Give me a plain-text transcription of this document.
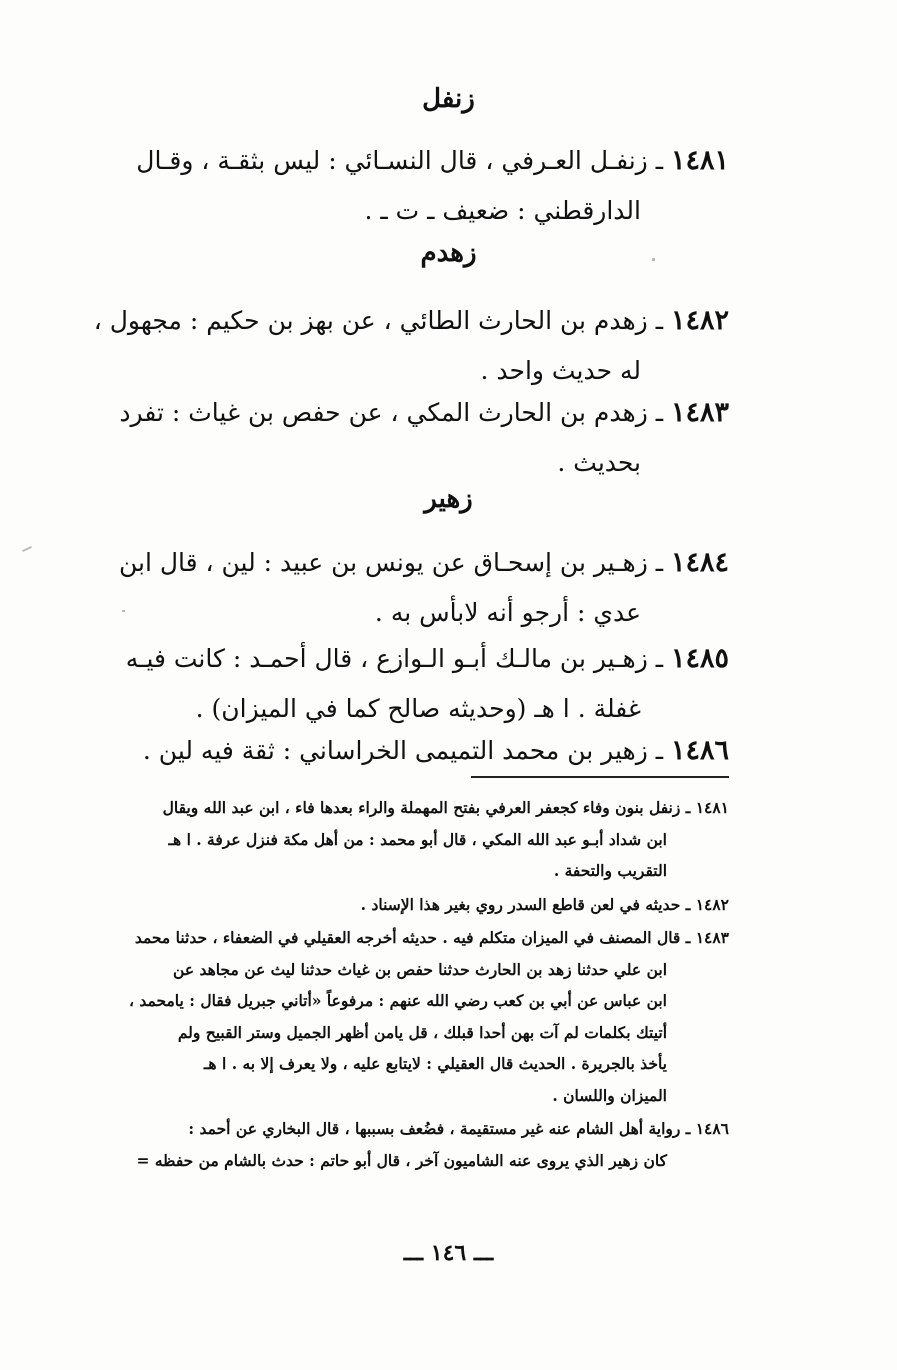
زنفل
١٤٨١ ـ زنفـل العـرفي ، قال النسـائي : ليس بثقـة ، وقـال
الدارقطني : ضعيف ـ ت ـ .
زهدم
١٤٨٢ ـ زهدم بن الحارث الطائي ، عن بهز بن حكيم : مجهول ،
له حديث واحد .
١٤٨٣ ـ زهدم بن الحارث المكي ، عن حفص بن غياث : تفرد
بحديث .
زهير
١٤٨٤ ـ زهـير بن إسحـاق عن يونس بن عبيد : لين ، قال ابن
عدي : أرجو أنه لابأس به .
١٤٨٥ ـ زهـير بن مالـك أبـو الـوازع ، قال أحمـد : كانت فيـه
غفلة . ا هـ (وحديثه صالح كما في الميزان) .
١٤٨٦ ـ زهير بن محمد التميمى الخراساني : ثقة فيه لين .
١٤٨١ ـ زنفل بنون وفاء كجعفر العرفي بفتح المهملة والراء بعدها فاء ، ابن عبد الله ويقال
ابن شداد أبـو عبد الله المكي ، قال أبو محمد : من أهل مكة فنزل عرفة . ا هـ
التقريب والتحفة .
١٤٨٢ ـ حديثه في لعن قاطع السدر روي بغير هذا الإسناد .
١٤٨٣ ـ قال المصنف في الميزان متكلم فيه . حديثه أخرجه العقيلي في الضعفاء ، حدثنا محمد
ابن علي حدثنا زهد بن الحارث حدثنا حفص بن غياث حدثنا ليث عن مجاهد عن
ابن عباس عن أبي بن كعب رضي الله عنهم : مرفوعاً «أتاني جبريل فقال : يامحمد ،
أتيتك بكلمات لم آت بهن أحدا قبلك ، قل يامن أظهر الجميل وستر القبيح ولم
يأخذ بالجريرة . الحديث قال العقيلي : لايتابع عليه ، ولا يعرف إلا به . ا هـ
الميزان واللسان .
١٤٨٦ ـ رواية أهل الشام عنه غير مستقيمة ، فضُعف بسببها ، قال البخاري عن أحمد :
كان زهير الذي يروى عنه الشاميون آخر ، قال أبو حاتم : حدث بالشام من حفظه =
ـــ ١٤٦ ـــ
